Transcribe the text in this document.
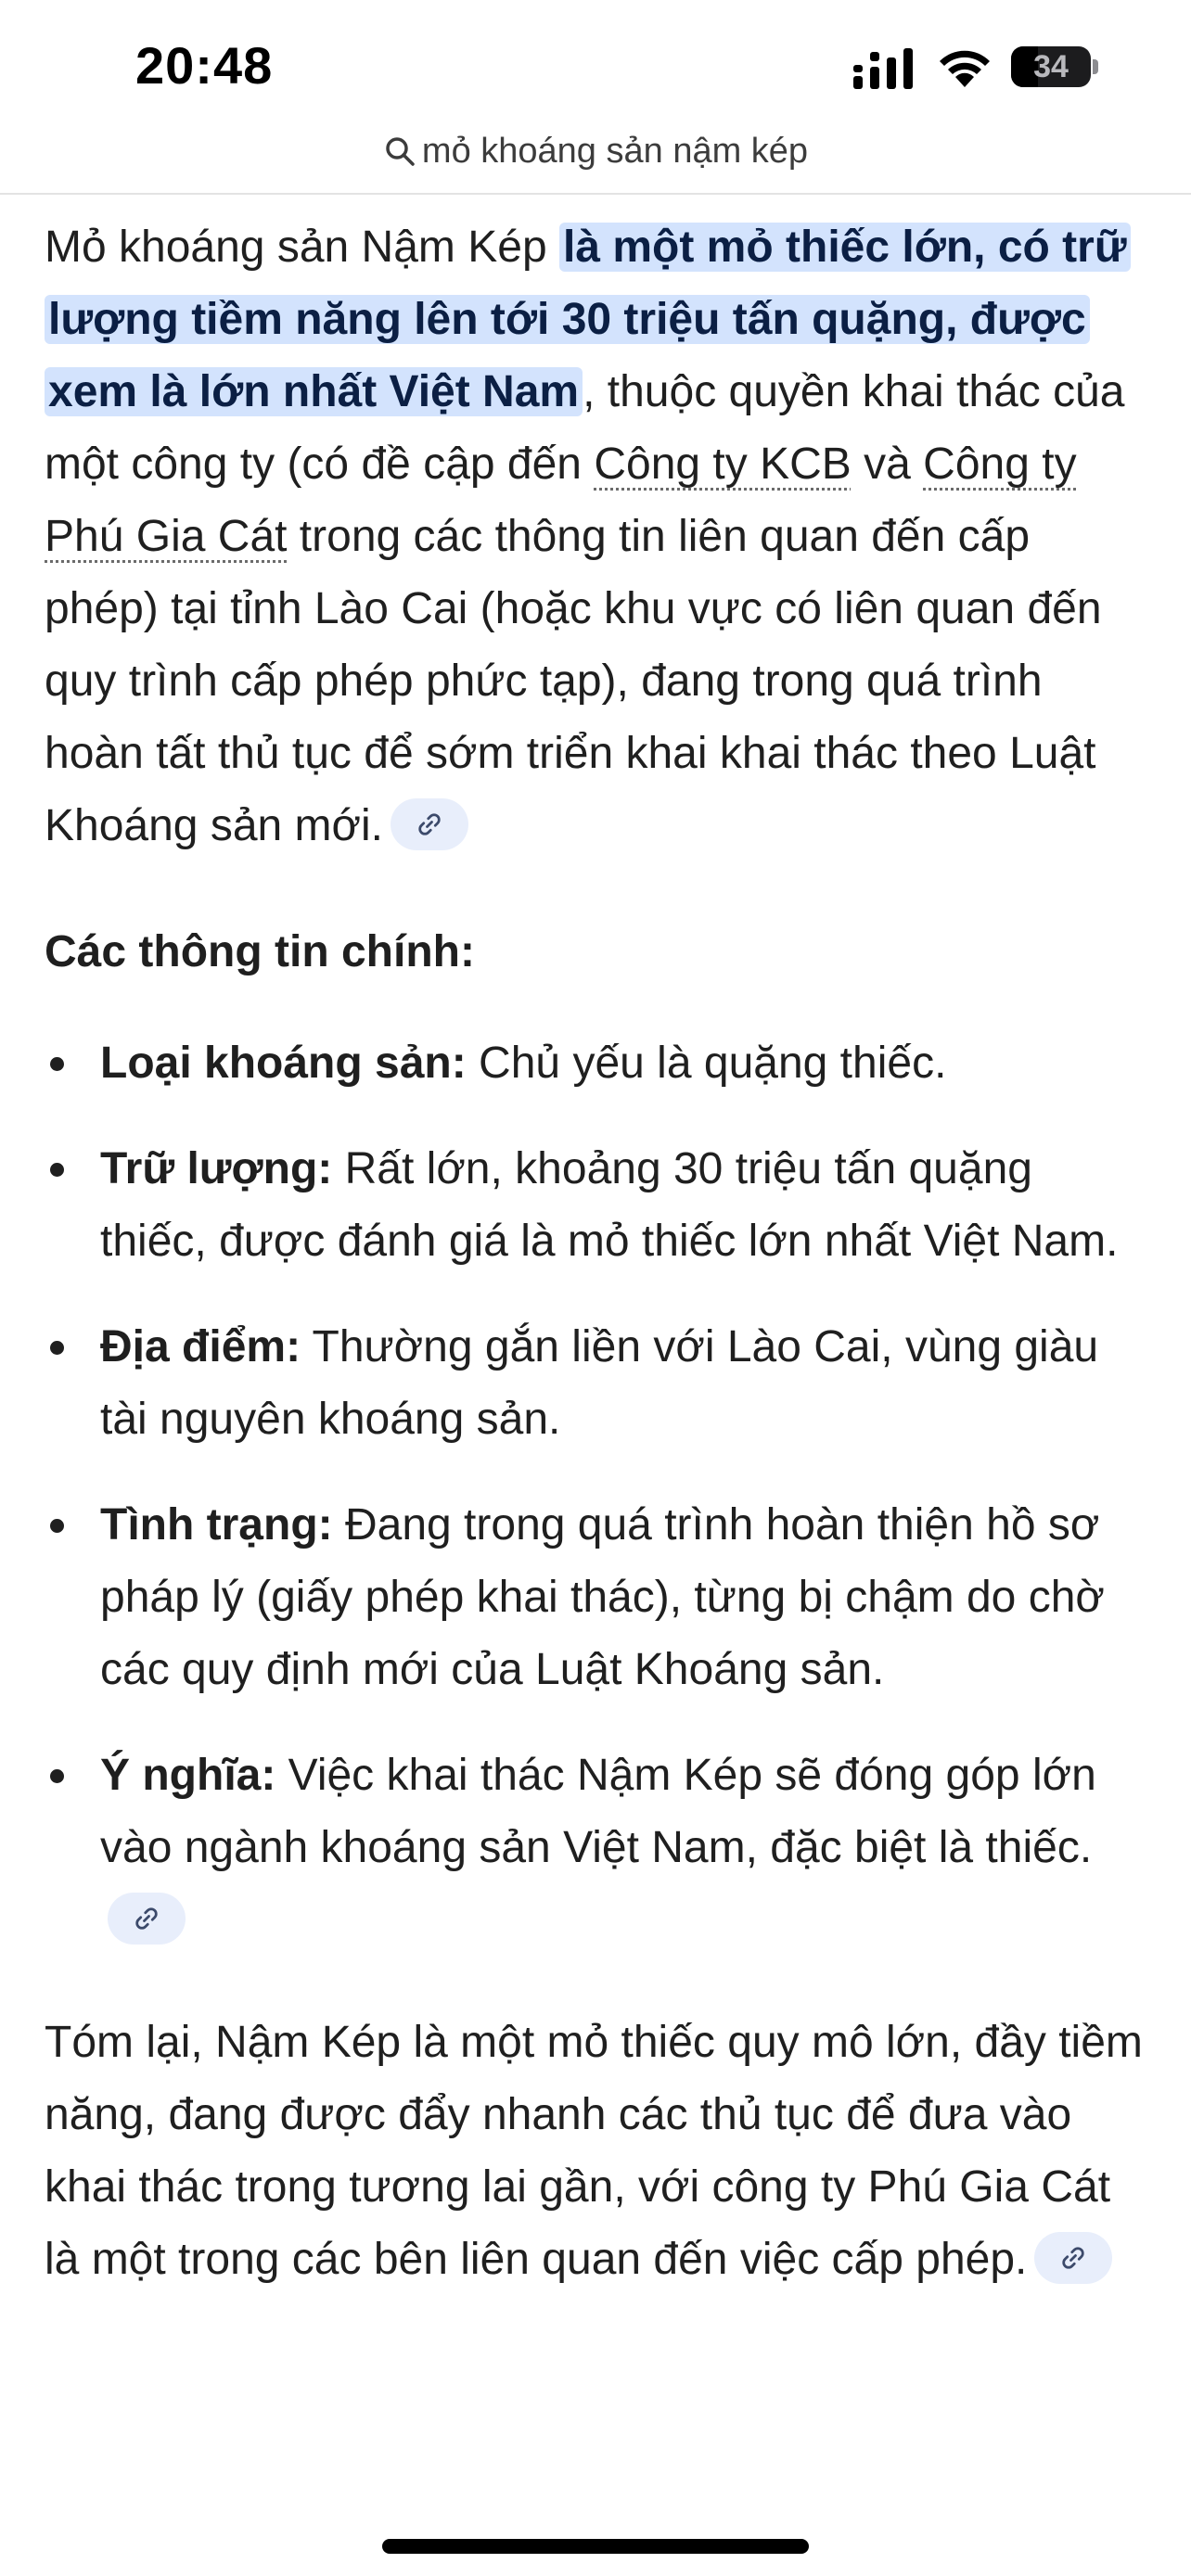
20:48	34
mỏ khoáng sản nậm kép

Mỏ khoáng sản Nậm Kép là một mỏ thiếc lớn, có trữ lượng tiềm năng lên tới 30 triệu tấn quặng, được xem là lớn nhất Việt Nam, thuộc quyền khai thác của một công ty (có đề cập đến Công ty KCB và Công ty Phú Gia Cát trong các thông tin liên quan đến cấp phép) tại tỉnh Lào Cai (hoặc khu vực có liên quan đến quy trình cấp phép phức tạp), đang trong quá trình hoàn tất thủ tục để sớm triển khai khai thác theo Luật Khoáng sản mới.

Các thông tin chính:

Loại khoáng sản: Chủ yếu là quặng thiếc.
Trữ lượng: Rất lớn, khoảng 30 triệu tấn quặng thiếc, được đánh giá là mỏ thiếc lớn nhất Việt Nam.
Địa điểm: Thường gắn liền với Lào Cai, vùng giàu tài nguyên khoáng sản.
Tình trạng: Đang trong quá trình hoàn thiện hồ sơ pháp lý (giấy phép khai thác), từng bị chậm do chờ các quy định mới của Luật Khoáng sản.
Ý nghĩa: Việc khai thác Nậm Kép sẽ đóng góp lớn vào ngành khoáng sản Việt Nam, đặc biệt là thiếc.

Tóm lại, Nậm Kép là một mỏ thiếc quy mô lớn, đầy tiềm năng, đang được đẩy nhanh các thủ tục để đưa vào khai thác trong tương lai gần, với công ty Phú Gia Cát là một trong các bên liên quan đến việc cấp phép.
